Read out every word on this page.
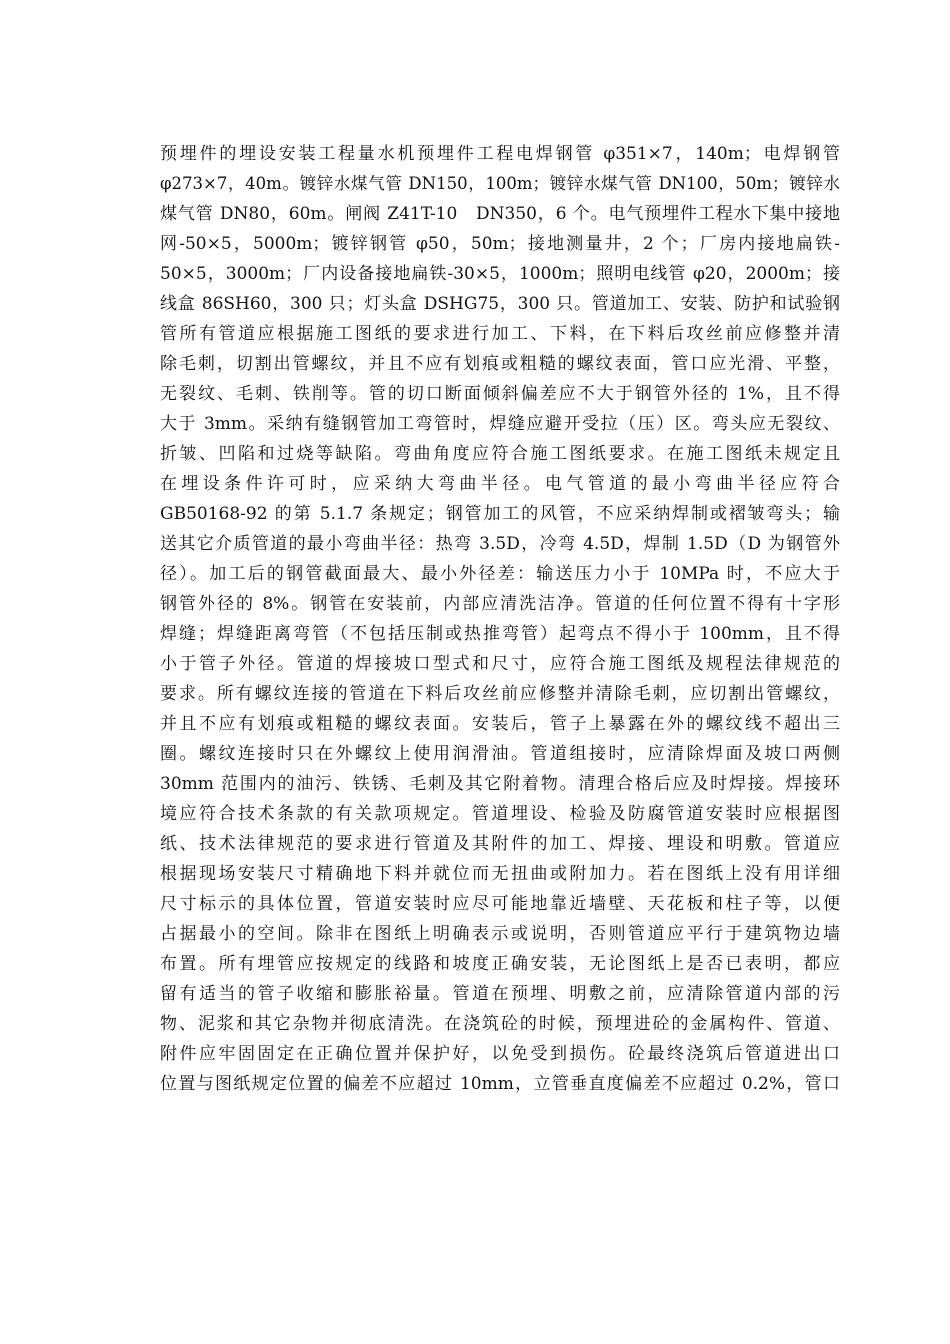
预埋件的埋设安装工程量水机预埋件工程电焊钢管 φ351×7，140m；电焊钢管
φ273×7，40m。镀锌水煤气管 DN150，100m；镀锌水煤气管 DN100，50m；镀锌水
煤气管 DN80，60m。闸阀 Z41T-10　DN350，6 个。电气预埋件工程水下集中接地
网-50×5，5000m；镀锌钢管 φ50，50m；接地测量井，2 个；厂房内接地扁铁-
50×5，3000m；厂内设备接地扁铁-30×5，1000m；照明电线管 φ20，2000m；接
线盒 86SH60，300 只；灯头盒 DSHG75，300 只。管道加工、安装、防护和试验钢
管所有管道应根据施工图纸的要求进行加工、下料，在下料后攻丝前应修整并清
除毛刺，切割出管螺纹，并且不应有划痕或粗糙的螺纹表面，管口应光滑、平整，
无裂纹、毛刺、铁削等。管的切口断面倾斜偏差应不大于钢管外径的 1%，且不得
大于 3mm。采纳有缝钢管加工弯管时，焊缝应避开受拉（压）区。弯头应无裂纹、
折皱、凹陷和过烧等缺陷。弯曲角度应符合施工图纸要求。在施工图纸未规定且
在埋设条件许可时，应采纳大弯曲半径。电气管道的最小弯曲半径应符合
GB50168-92 的第 5.1.7 条规定；钢管加工的风管，不应采纳焊制或褶皱弯头；输
送其它介质管道的最小弯曲半径：热弯 3.5D，冷弯 4.5D，焊制 1.5D（D 为钢管外
径）。加工后的钢管截面最大、最小外径差：输送压力小于 10MPa 时，不应大于
钢管外径的 8%。钢管在安装前，内部应清洗洁净。管道的任何位置不得有十字形
焊缝；焊缝距离弯管（不包括压制或热推弯管）起弯点不得小于 100mm，且不得
小于管子外径。管道的焊接坡口型式和尺寸，应符合施工图纸及规程法律规范的
要求。所有螺纹连接的管道在下料后攻丝前应修整并清除毛刺，应切割出管螺纹，
并且不应有划痕或粗糙的螺纹表面。安装后，管子上暴露在外的螺纹线不超出三
圈。螺纹连接时只在外螺纹上使用润滑油。管道组接时，应清除焊面及坡口两侧
30mm 范围内的油污、铁锈、毛刺及其它附着物。清理合格后应及时焊接。焊接环
境应符合技术条款的有关款项规定。管道埋设、检验及防腐管道安装时应根据图
纸、技术法律规范的要求进行管道及其附件的加工、焊接、埋设和明敷。管道应
根据现场安装尺寸精确地下料并就位而无扭曲或附加力。若在图纸上没有用详细
尺寸标示的具体位置，管道安装时应尽可能地靠近墙壁、天花板和柱子等，以便
占据最小的空间。除非在图纸上明确表示或说明，否则管道应平行于建筑物边墙
布置。所有埋管应按规定的线路和坡度正确安装，无论图纸上是否已表明，都应
留有适当的管子收缩和膨胀裕量。管道在预埋、明敷之前，应清除管道内部的污
物、泥浆和其它杂物并彻底清洗。在浇筑砼的时候，预埋进砼的金属构件、管道、
附件应牢固固定在正确位置并保护好，以免受到损伤。砼最终浇筑后管道进出口
位置与图纸规定位置的偏差不应超过 10mm，立管垂直度偏差不应超过 0.2%，管口
